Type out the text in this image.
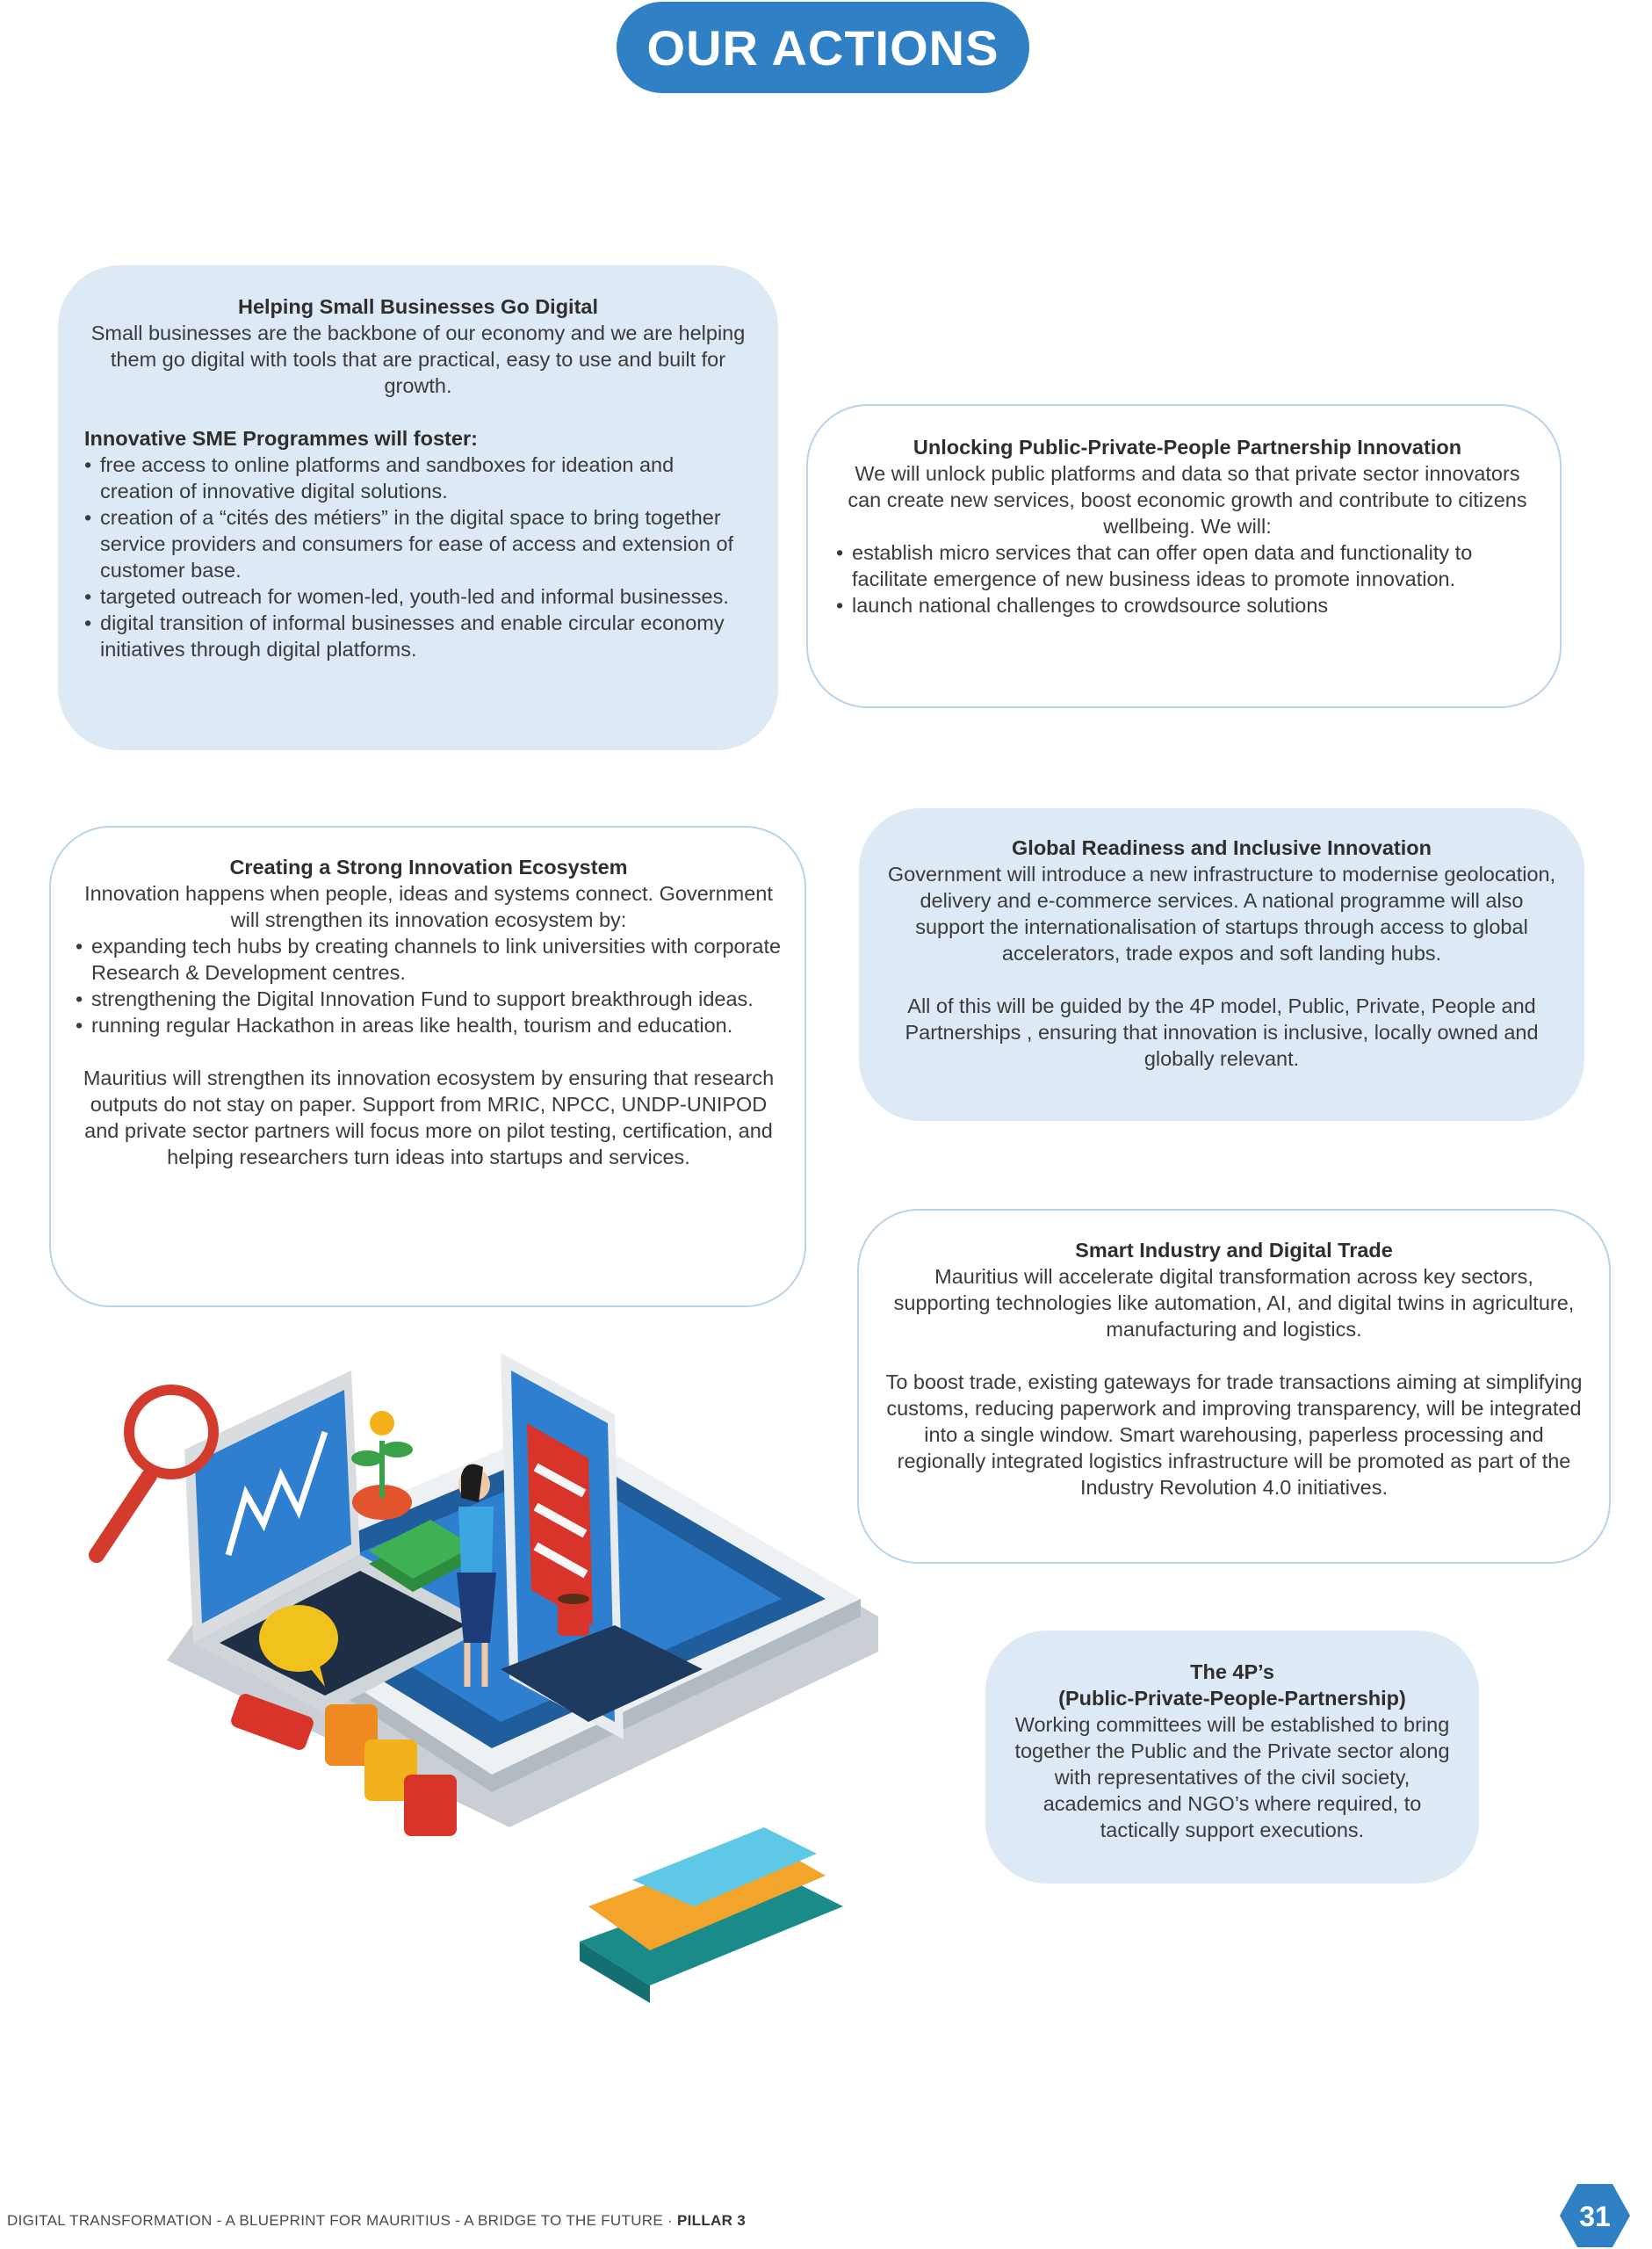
OUR ACTIONS
Helping Small Businesses Go Digital

Small businesses are the backbone of our economy and we are helping them go digital with tools that are practical, easy to use and built for growth.

Innovative SME Programmes will foster:

• free access to online platforms and sandboxes for ideation and creation of innovative digital solutions.
• creation of a “cités des métiers” in the digital space to bring together service providers and consumers for ease of access and extension of customer base.
• targeted outreach for women-led, youth-led and informal businesses.
• digital transition of informal businesses and enable circular economy initiatives through digital platforms.
Unlocking Public-Private-People Partnership Innovation

We will unlock public platforms and data so that private sector innovators can create new services, boost economic growth and contribute to citizens wellbeing. We will:

• establish micro services that can offer open data and functionality to facilitate emergence of new business ideas to promote innovation.
• launch national challenges to crowdsource solutions
Creating a Strong Innovation Ecosystem

Innovation happens when people, ideas and systems connect. Government will strengthen its innovation ecosystem by:

• expanding tech hubs by creating channels to link universities with corporate Research & Development centres.
• strengthening the Digital Innovation Fund to support breakthrough ideas.
• running regular Hackathon in areas like health, tourism and education.

Mauritius will strengthen its innovation ecosystem by ensuring that research outputs do not stay on paper. Support from MRIC, NPCC, UNDP-UNIPOD and private sector partners will focus more on pilot testing, certification, and helping researchers turn ideas into startups and services.

Global Readiness and Inclusive Innovation

Government will introduce a new infrastructure to modernise geolocation, delivery and e-commerce services. A national programme will also support the internationalisation of startups through access to global accelerators, trade expos and soft landing hubs.

All of this will be guided by the 4P model, Public, Private, People and Partnerships , ensuring that innovation is inclusive, locally owned and globally relevant.

Smart Industry and Digital Trade

Mauritius will accelerate digital transformation across key sectors, supporting technologies like automation, AI, and digital twins in agriculture, manufacturing and logistics.

To boost trade, existing gateways for trade transactions aiming at simplifying customs, reducing paperwork and improving transparency, will be integrated into a single window. Smart warehousing, paperless processing and regionally integrated logistics infrastructure will be promoted as part of the Industry Revolution 4.0 initiatives.

The 4P’s
(Public-Private-People-Partnership)

Working committees will be established to bring together the Public and the Private sector along with representatives of the civil society, academics and NGO’s where required, to tactically support executions.

DIGITAL TRANSFORMATION - A BLUEPRINT FOR MAURITIUS - A BRIDGE TO THE FUTURE · PILLAR 3	31
